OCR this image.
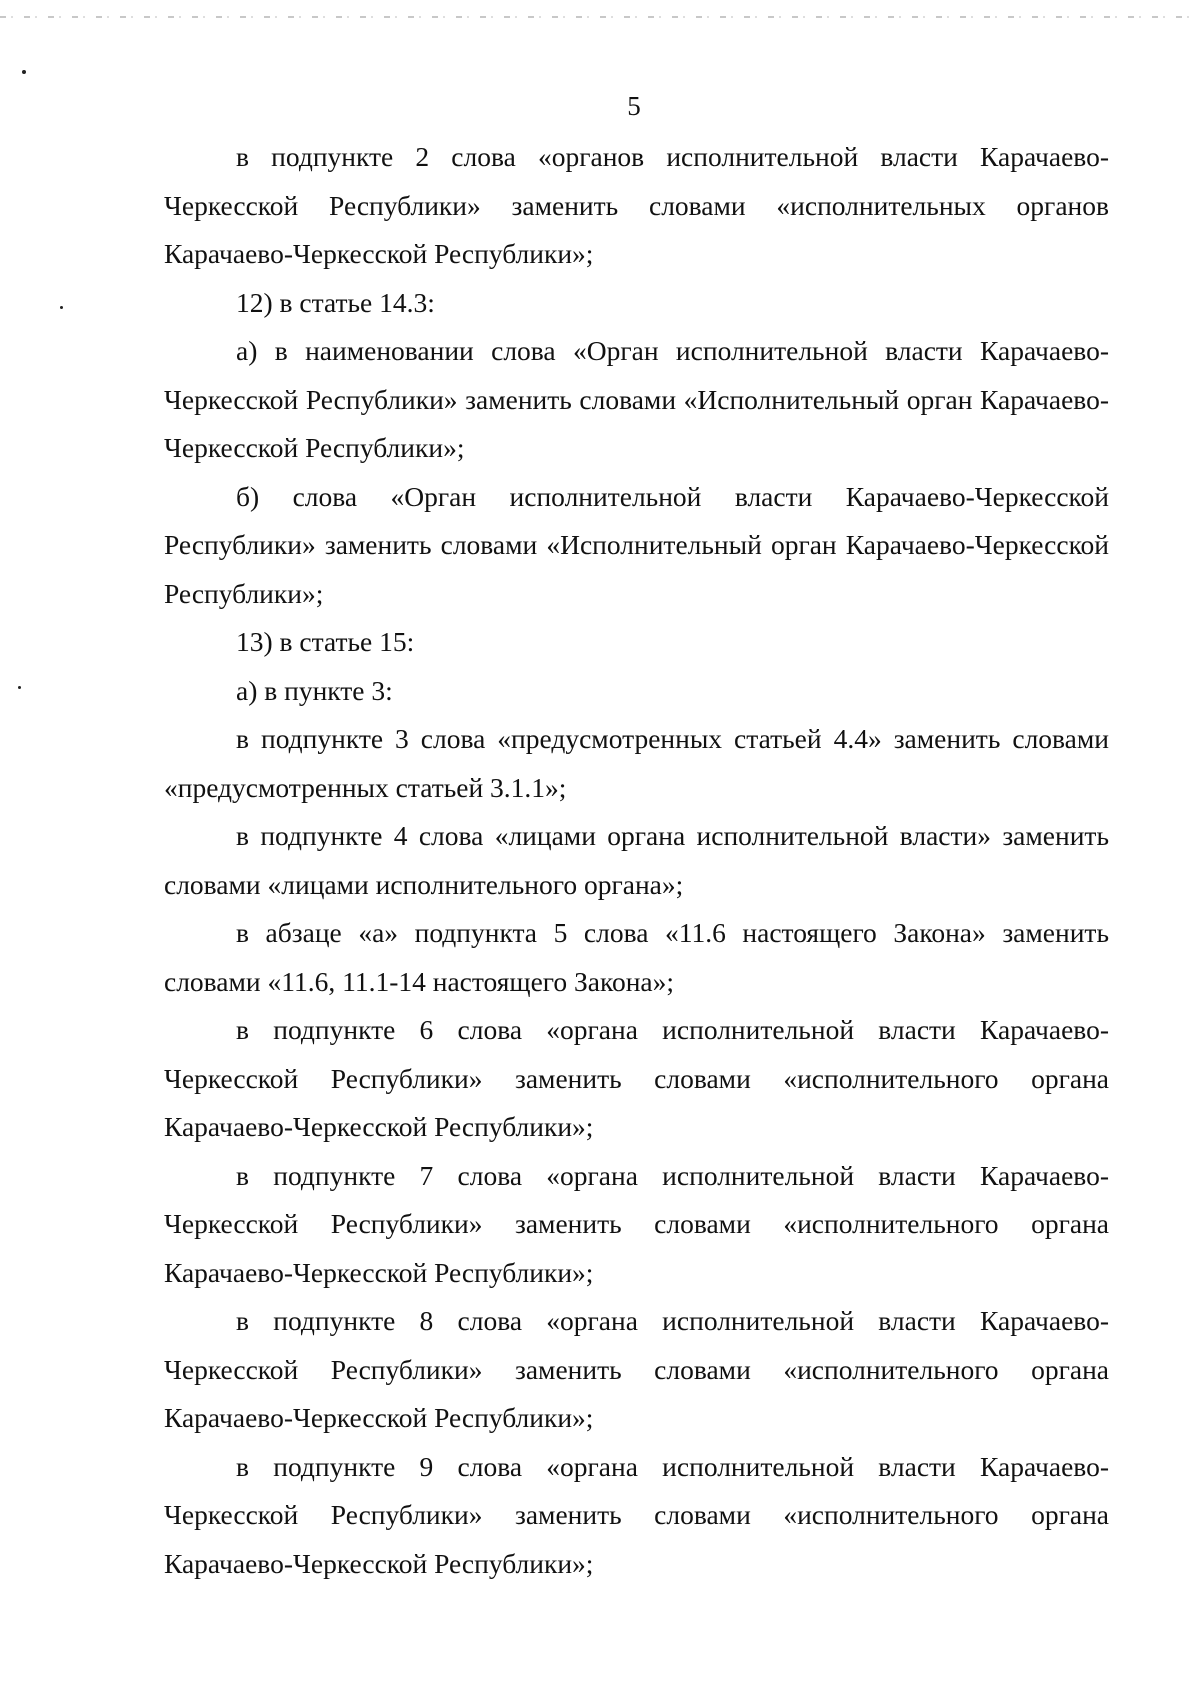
5

в подпункте 2 слова «органов исполнительной власти Карачаево-Черкесской Республики» заменить словами «исполнительных органов Карачаево-Черкесской Республики»;

12) в статье 14.3:

а) в наименовании слова «Орган исполнительной власти Карачаево-Черкесской Республики» заменить словами «Исполнительный орган Карачаево-Черкесской Республики»;

б) слова «Орган исполнительной власти Карачаево-Черкесской Республики» заменить словами «Исполнительный орган Карачаево-Черкесской Республики»;

13) в статье 15:

а) в пункте 3:

в подпункте 3 слова «предусмотренных статьей 4.4» заменить словами «предусмотренных статьей 3.1.1»;

в подпункте 4 слова «лицами органа исполнительной власти» заменить словами «лицами исполнительного органа»;

в абзаце «а» подпункта 5 слова «11.6 настоящего Закона» заменить словами «11.6, 11.1-14 настоящего Закона»;

в подпункте 6 слова «органа исполнительной власти Карачаево-Черкесской Республики» заменить словами «исполнительного органа Карачаево-Черкесской Республики»;

в подпункте 7 слова «органа исполнительной власти Карачаево-Черкесской Республики» заменить словами «исполнительного органа Карачаево-Черкесской Республики»;

в подпункте 8 слова «органа исполнительной власти Карачаево-Черкесской Республики» заменить словами «исполнительного органа Карачаево-Черкесской Республики»;

в подпункте 9 слова «органа исполнительной власти Карачаево-Черкесской Республики» заменить словами «исполнительного органа Карачаево-Черкесской Республики»;
